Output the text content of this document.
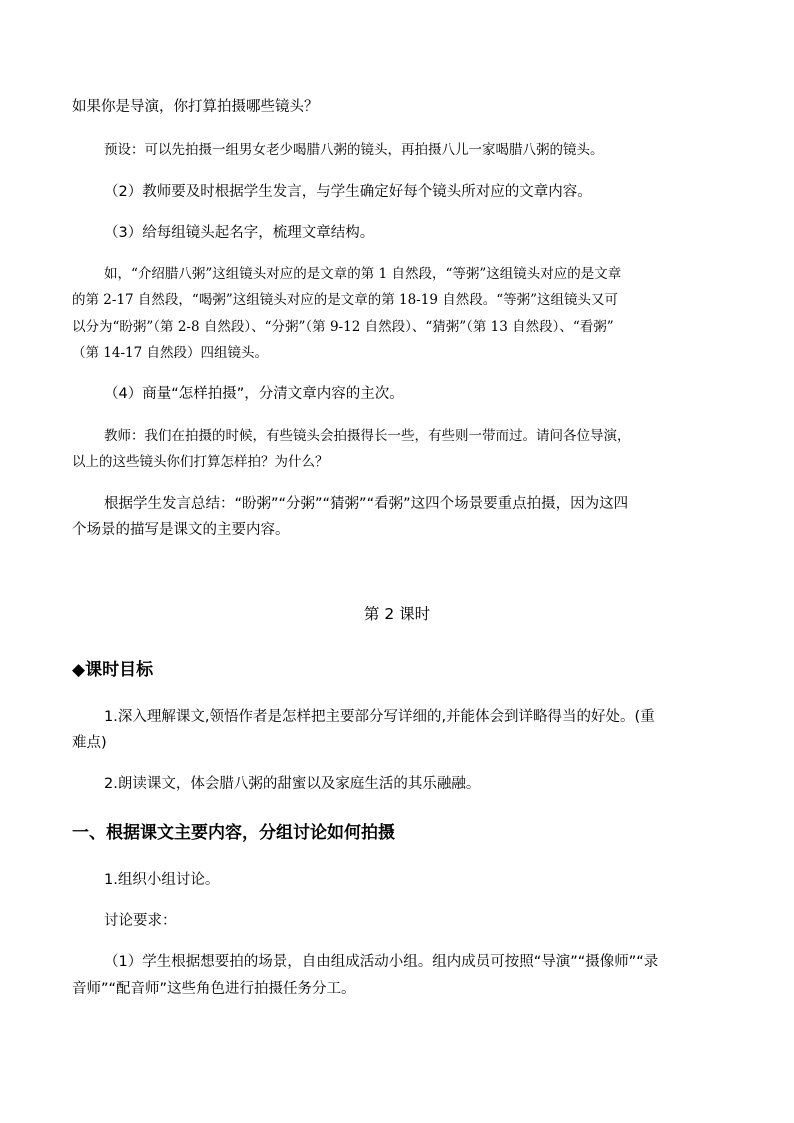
如果你是导演，你打算拍摄哪些镜头？
预设：可以先拍摄一组男女老少喝腊八粥的镜头，再拍摄八儿一家喝腊八粥的镜头。
（2）教师要及时根据学生发言，与学生确定好每个镜头所对应的文章内容。
（3）给每组镜头起名字，梳理文章结构。
如，“介绍腊八粥”这组镜头对应的是文章的第 1 自然段，“等粥”这组镜头对应的是文章
的第 2-17 自然段，“喝粥”这组镜头对应的是文章的第 18-19 自然段。“等粥”这组镜头又可
以分为“盼粥”（第 2-8 自然段）、“分粥”（第 9-12 自然段）、“猜粥”（第 13 自然段）、“看粥”
（第 14-17 自然段）四组镜头。
（4）商量“怎样拍摄”，分清文章内容的主次。
教师：我们在拍摄的时候，有些镜头会拍摄得长一些，有些则一带而过。请问各位导演，
以上的这些镜头你们打算怎样拍？为什么？
根据学生发言总结：“盼粥”“分粥”“猜粥”“看粥”这四个场景要重点拍摄，因为这四
个场景的描写是课文的主要内容。
第 2 课时
◆课时目标
1.深入理解课文,领悟作者是怎样把主要部分写详细的,并能体会到详略得当的好处。(重
难点)
2.朗读课文，体会腊八粥的甜蜜以及家庭生活的其乐融融。
一、根据课文主要内容，分组讨论如何拍摄
1.组织小组讨论。
讨论要求：
（1）学生根据想要拍的场景，自由组成活动小组。组内成员可按照“导演”“摄像师”“录
音师”“配音师”这些角色进行拍摄任务分工。
